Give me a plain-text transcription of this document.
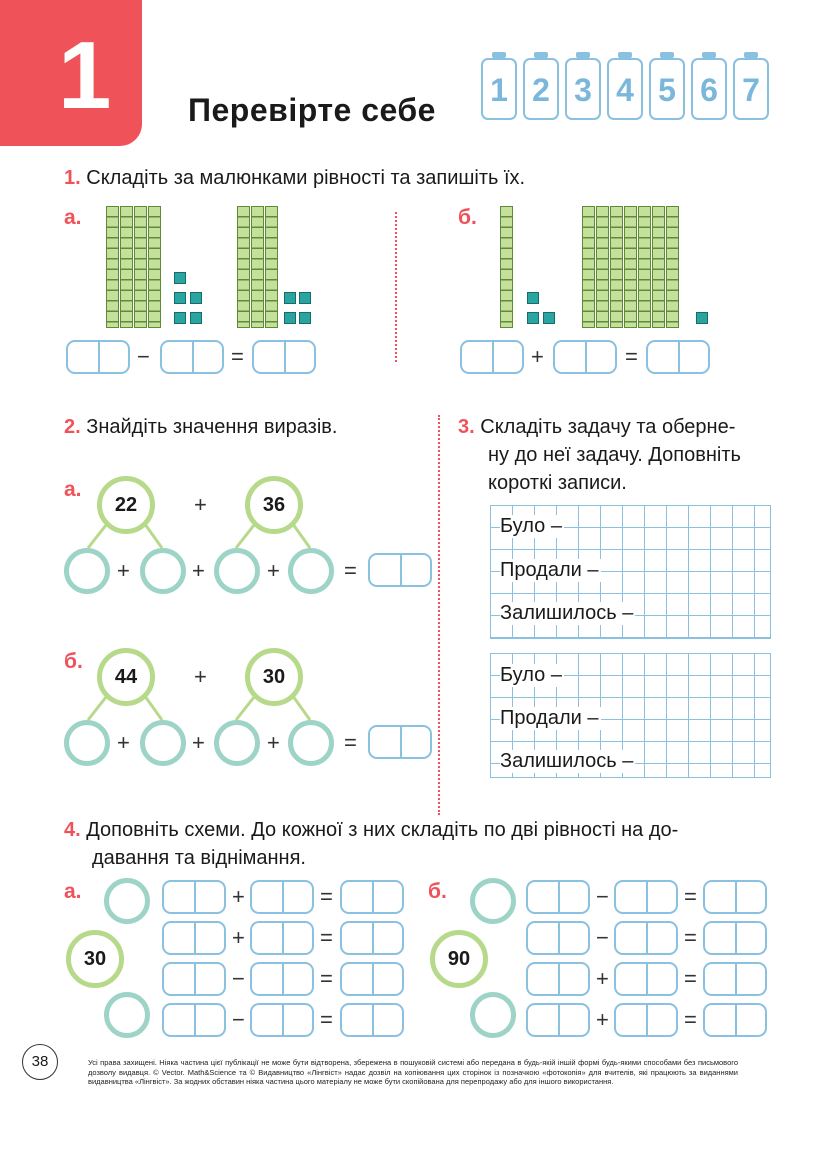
1 Перевірте себе
1 2 3 4 5 6 7
1. Складіть за малюнками рівності та запишіть їх.
а.	б.
−	=	+	=
2. Знайдіть значення виразів.
а.
22	+	36
+	+	+	=
б.
44	+	30
+	+	+	=
3. Складіть задачу та оберне-
ну до неї задачу. Доповніть
короткі записи.
Було –
Продали –
Залишилось –
Було –
Продали –
Залишилось –
4. Доповніть схеми. До кожної з них складіть по дві рівності на до-
давання та віднімання.
а.
30
+	=
+	=
−	=
−	=
б.
90
−	=
−	=
+	=
+	=
38	Усі права захищені. Ніяка частина цієї публікації не може бути відтворена, збережена в пошуковій системі або передана в будь-якій іншій формі будь-якими способами без письмового дозволу видавця. © Vector. Math&Science та © Видавництво «Лінгвіст» надає дозвіл на копіювання цих сторінок із позначкою «фотокопія» для вчителів, які працюють за виданнями видавництва «Лінгвіст». За жодних обставин ніяка частина цього матеріалу не може бути скопійована для перепродажу або для іншого використання.
